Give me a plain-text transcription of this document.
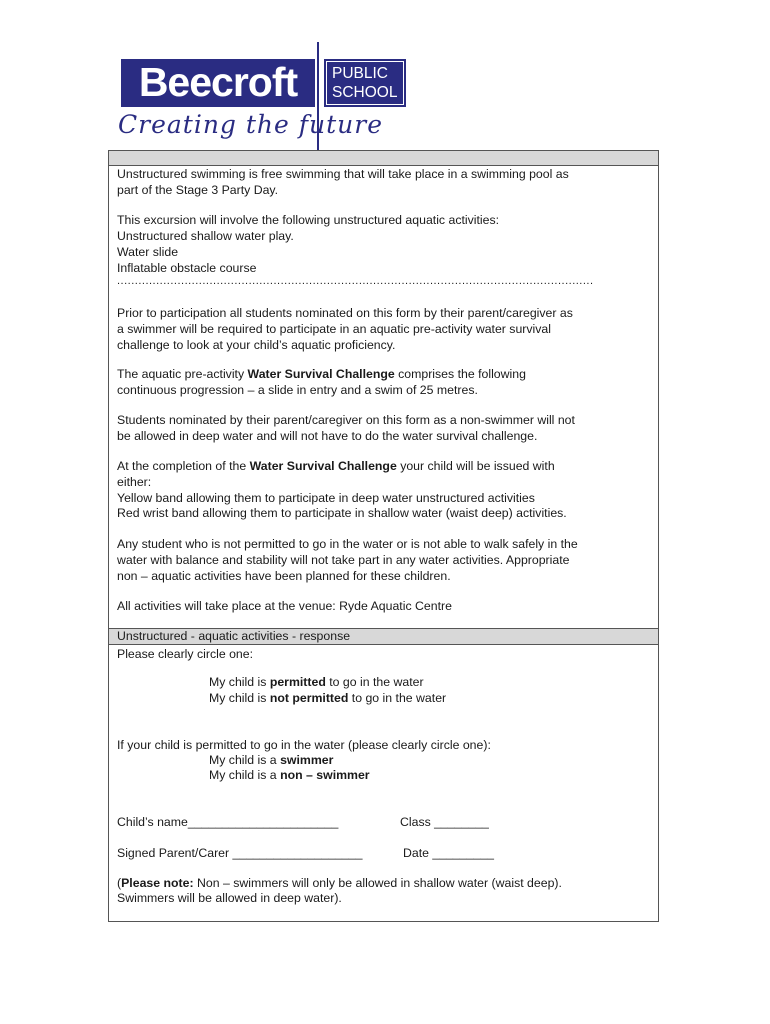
Beecroft	PUBLIC
SCHOOL
Creating the future
Unstructured - aquatic activities - response
Unstructured swimming is free swimming that will take place in a swimming pool as
part of the Stage 3 Party Day.
This excursion will involve the following unstructured aquatic activities:
Unstructured shallow water play.
Water slide
Inflatable obstacle course
......................................................................................................................................
Prior to participation all students nominated on this form by their parent/caregiver as
a swimmer will be required to participate in an aquatic pre-activity water survival
challenge to look at your child’s aquatic proficiency.
The aquatic pre-activity Water Survival Challenge comprises the following
continuous progression – a slide in entry and a swim of 25 metres.
Students nominated by their parent/caregiver on this form as a non-swimmer will not
be allowed in deep water and will not have to do the water survival challenge.
At the completion of the Water Survival Challenge your child will be issued with
either:
Yellow band allowing them to participate in deep water unstructured activities
Red wrist band allowing them to participate in shallow water (waist deep) activities.
Any student who is not permitted to go in the water or is not able to walk safely in the
water with balance and stability will not take part in any water activities. Appropriate
non – aquatic activities have been planned for these children.
All activities will take place at the venue: Ryde Aquatic Centre
Please clearly circle one:
My child is permitted to go in the water
My child is not permitted to go in the water
If your child is permitted to go in the water (please clearly circle one):
My child is a swimmer
My child is a non – swimmer
Child’s name______________________	Class ________
Signed Parent/Carer ___________________	Date _________
(Please note: Non – swimmers will only be allowed in shallow water (waist deep).
Swimmers will be allowed in deep water).
